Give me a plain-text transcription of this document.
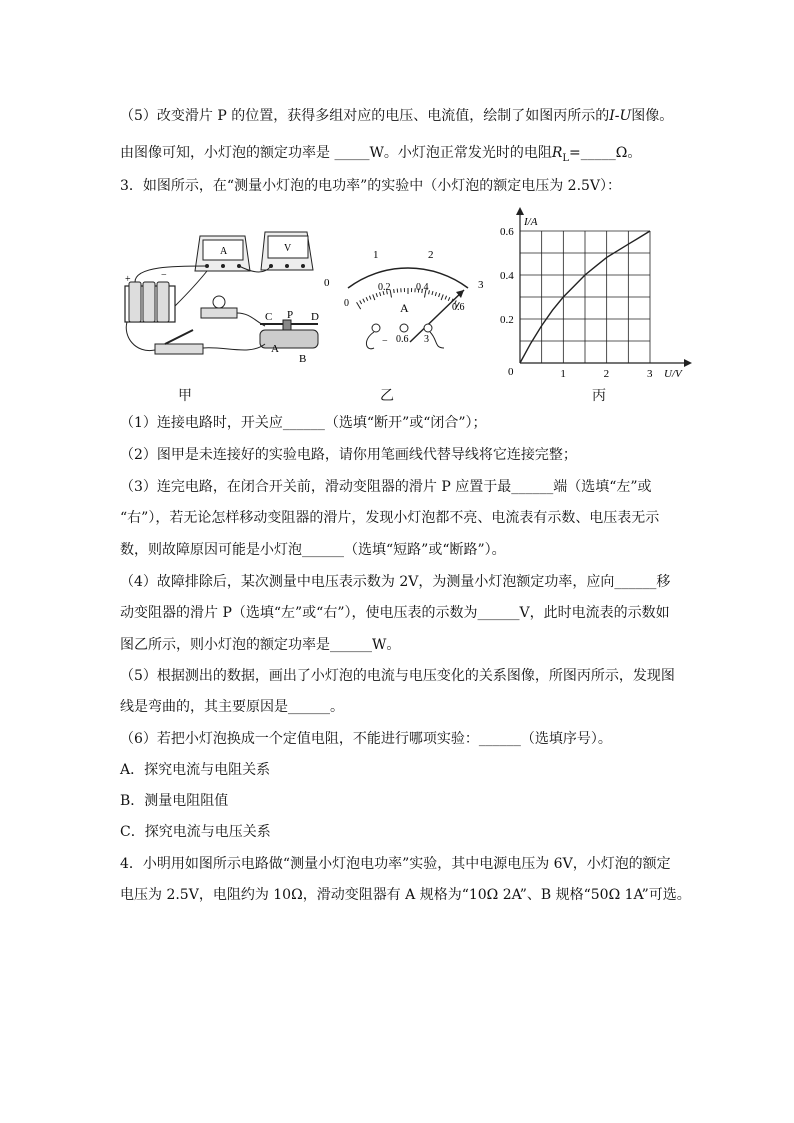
（5）改变滑片 P 的位置，获得多组对应的电压、电流值，绘制了如图丙所示的I-U图像。
由图像可知，小灯泡的额定功率是 _____W。小灯泡正常发光时的电阻$R_L=\_\_\_\_\_\Omega$。
3．如图所示，在“测量小灯泡的电功率”的实验中（小灯泡的额定电压为 2.5V）：
+	−
A	V
C P D
A
B
甲
0
1	2
3
0
0.2	0.4
0.6
A
− 0.6 3
乙
I/A
U/V
0
0.2
0.4
0.6
1	2	3
丙
（1）连接电路时，开关应______（选填“断开”或“闭合”）；
（2）图甲是未连接好的实验电路，请你用笔画线代替导线将它连接完整；
（3）连完电路，在闭合开关前，滑动变阻器的滑片 P 应置于最______端（选填“左”或
“右”），若无论怎样移动变阻器的滑片，发现小灯泡都不亮、电流表有示数、电压表无示
数，则故障原因可能是小灯泡______（选填“短路”或“断路”）。
（4）故障排除后，某次测量中电压表示数为 2V，为测量小灯泡额定功率，应向______移
动变阻器的滑片 P（选填“左”或“右”），使电压表的示数为______V，此时电流表的示数如
图乙所示，则小灯泡的额定功率是______W。
（5）根据测出的数据，画出了小灯泡的电流与电压变化的关系图像，所图丙所示，发现图
线是弯曲的，其主要原因是______。
（6）若把小灯泡换成一个定值电阻，不能进行哪项实验：______（选填序号）。
A．探究电流与电阻关系
B．测量电阻阻值
C．探究电流与电压关系
4．小明用如图所示电路做“测量小灯泡电功率”实验，其中电源电压为 6V，小灯泡的额定
电压为 2.5V，电阻约为 10Ω，滑动变阻器有 A 规格为“10Ω 2A”、B 规格“50Ω 1A”可选。
